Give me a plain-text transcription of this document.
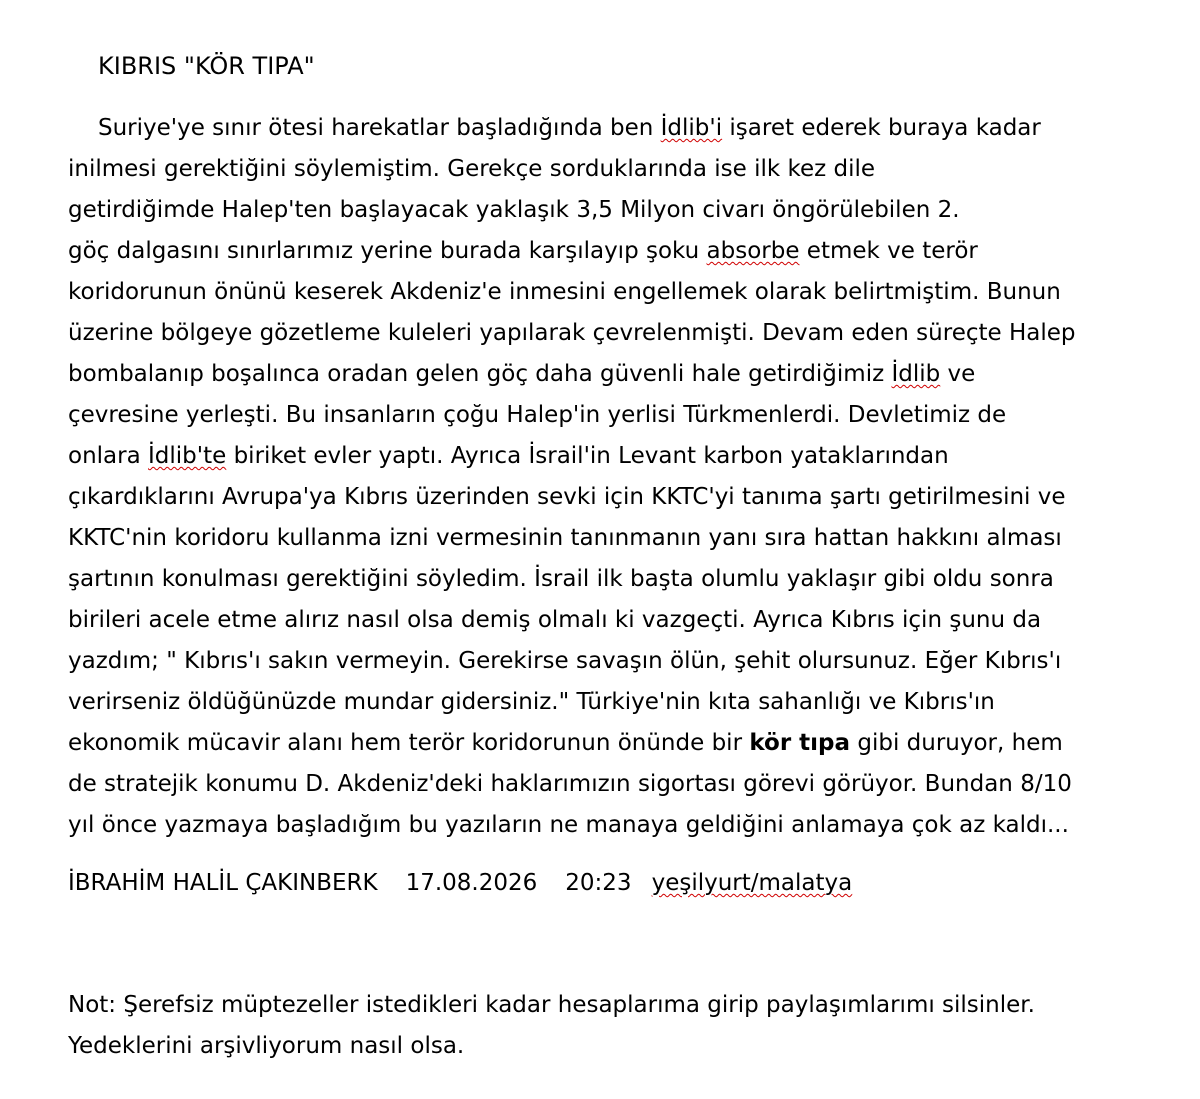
KIBRIS "KÖR TIPA"
Suriye'ye sınır ötesi harekatlar başladığında ben İdlib'i işaret ederek buraya kadar
inilmesi gerektiğini söylemiştim. Gerekçe sorduklarında ise ilk kez dile
getirdiğimde Halep'ten başlayacak yaklaşık 3,5 Milyon civarı öngörülebilen 2.
göç dalgasını sınırlarımız yerine burada karşılayıp şoku absorbe etmek ve terör
koridorunun önünü keserek Akdeniz'e inmesini engellemek olarak belirtmiştim. Bunun
üzerine bölgeye gözetleme kuleleri yapılarak çevrelenmişti. Devam eden süreçte Halep
bombalanıp boşalınca oradan gelen göç daha güvenli hale getirdiğimiz İdlib ve
çevresine yerleşti. Bu insanların çoğu Halep'in yerlisi Türkmenlerdi. Devletimiz de
onlara İdlib'te biriket evler yaptı. Ayrıca İsrail'in Levant karbon yataklarından
çıkardıklarını Avrupa'ya Kıbrıs üzerinden sevki için KKTC'yi tanıma şartı getirilmesini ve
KKTC'nin koridoru kullanma izni vermesinin tanınmanın yanı sıra hattan hakkını alması
şartının konulması gerektiğini söyledim. İsrail ilk başta olumlu yaklaşır gibi oldu sonra
birileri acele etme alırız nasıl olsa demiş olmalı ki vazgeçti. Ayrıca Kıbrıs için şunu da
yazdım; " Kıbrıs'ı sakın vermeyin. Gerekirse savaşın ölün, şehit olursunuz. Eğer Kıbrıs'ı
verirseniz öldüğünüzde mundar gidersiniz." Türkiye'nin kıta sahanlığı ve Kıbrıs'ın
ekonomik mücavir alanı hem terör koridorunun önünde bir kör tıpa gibi duruyor, hem
de stratejik konumu D. Akdeniz'deki haklarımızın sigortası görevi görüyor. Bundan 8/10
yıl önce yazmaya başladığım bu yazıların ne manaya geldiğini anlamaya çok az kaldı...
İBRAHİM HALİL ÇAKINBERK 17.08.2026 20:23 yeşilyurt/malatya
Not: Şerefsiz müptezeller istedikleri kadar hesaplarıma girip paylaşımlarımı silsinler.
Yedeklerini arşivliyorum nasıl olsa.
